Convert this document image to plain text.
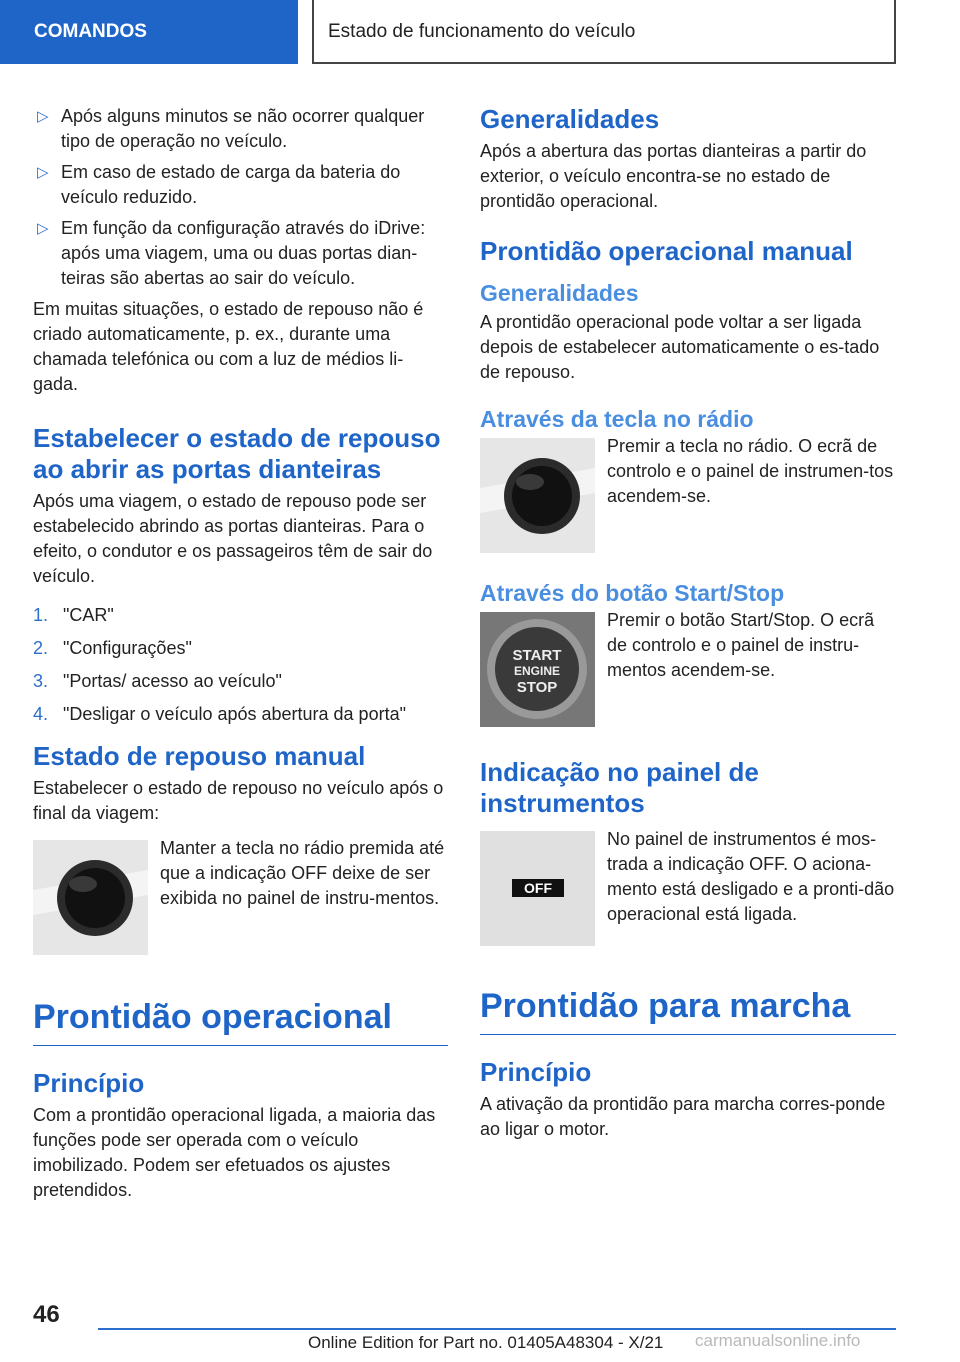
COMANDOS	Estado de funcionamento do veículo
▷ Após alguns minutos se não ocorrer qualquer tipo de operação no veículo.
▷ Em caso de estado de carga da bateria do veículo reduzido.
▷ Em função da configuração através do iDrive: após uma viagem, uma ou duas portas dian-teiras são abertas ao sair do veículo.

Em muitas situações, o estado de repouso não é criado automaticamente, p. ex., durante uma chamada telefónica ou com a luz de médios li-gada.

Estabelecer o estado de repouso ao abrir as portas dianteiras

Após uma viagem, o estado de repouso pode ser estabelecido abrindo as portas dianteiras. Para o efeito, o condutor e os passageiros têm de sair do veículo.

1. "CAR"
2. "Configurações"
3. "Portas/ acesso ao veículo"
4. "Desligar o veículo após abertura da porta"
Estado de repouso manual

Estabelecer o estado de repouso no veículo após o final da viagem:

Manter a tecla no rádio premida até que a indicação OFF deixe de ser exibida no painel de instru-mentos.

Prontidão operacional
Princípio

Com a prontidão operacional ligada, a maioria das funções pode ser operada com o veículo imobilizado. Podem ser efetuados os ajustes pretendidos.

Generalidades

Após a abertura das portas dianteiras a partir do exterior, o veículo encontra-se no estado de prontidão operacional.

Prontidão operacional manual
Generalidades

A prontidão operacional pode voltar a ser ligada depois de estabelecer automaticamente o es-tado de repouso.

Através da tecla no rádio

Premir a tecla no rádio. O ecrã de controlo e o painel de instrumen-tos acendem-se.

Através do botão Start/Stop
START
ENGINE
STOP

Premir o botão Start/Stop. O ecrã de controlo e o painel de instru-mentos acendem-se.

Indicação no painel de instrumentos
OFF

No painel de instrumentos é mos-trada a indicação OFF. O aciona-mento está desligado e a pronti-dão operacional está ligada.

Prontidão para marcha
Princípio

A ativação da prontidão para marcha corres-ponde ao ligar o motor.

46
Online Edition for Part no. 01405A48304 - X/21 carmanualsonline.info
